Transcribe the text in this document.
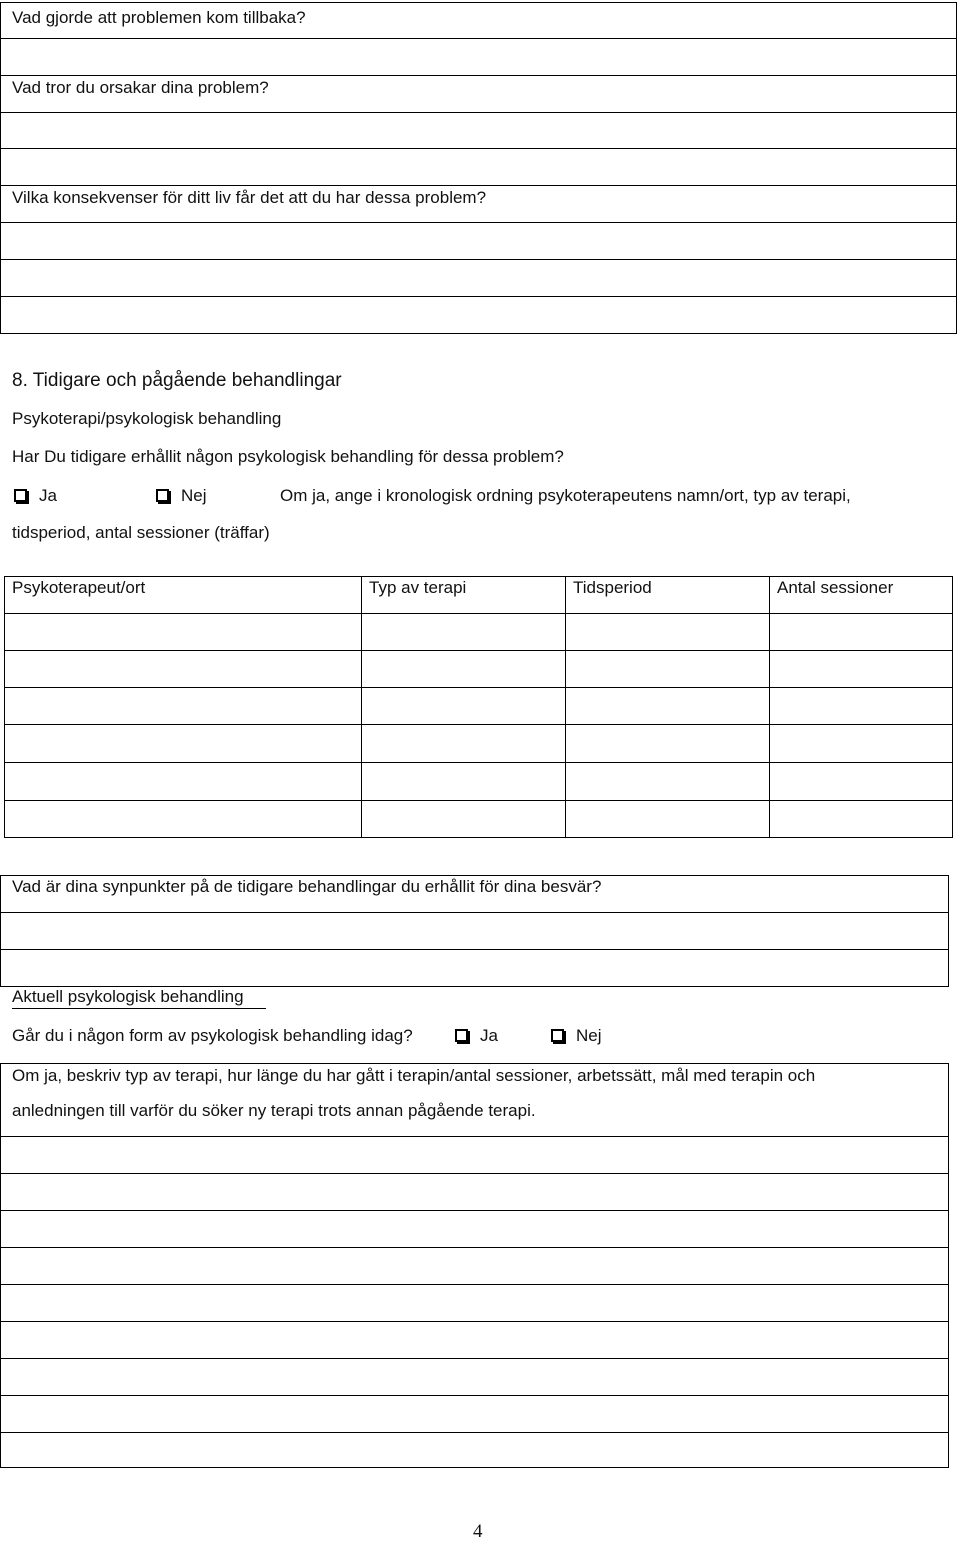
Vad gjorde att problemen kom tillbaka?
Vad tror du orsakar dina problem?
Vilka konsekvenser för ditt liv får det att du har dessa problem?
8. Tidigare och pågående behandlingar
Psykoterapi/psykologisk behandling
Har Du tidigare erhållit någon psykologisk behandling för dessa problem?
Ja	Nej	Om ja, ange i kronologisk ordning psykoterapeutens namn/ort, typ av terapi,
tidsperiod, antal sessioner (träffar)
Psykoterapeut/ort	Typ av terapi	Tidsperiod	Antal sessioner
Vad är dina synpunkter på de tidigare behandlingar du erhållit för dina besvär?
Aktuell psykologisk behandling
Går du i någon form av psykologisk behandling idag?	Ja	Nej
Om ja, beskriv typ av terapi, hur länge du har gått i terapin/antal sessioner, arbetssätt, mål med terapin och
anledningen till varför du söker ny terapi trots annan pågående terapi.
4
